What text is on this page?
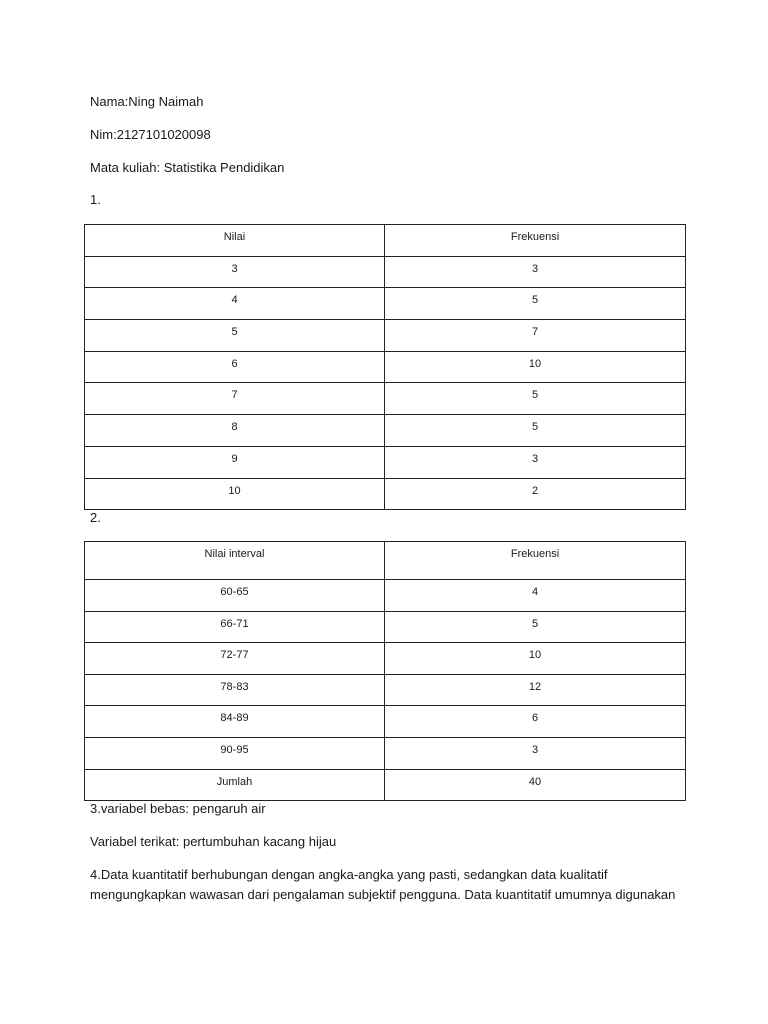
Nama:Ning Naimah
Nim:2127101020098
Mata kuliah: Statistika Pendidikan
1.
Nilai	Frekuensi
3	3
4	5
5	7
6	10
7	5
8	5
9	3
10	2
2.
Nilai interval	Frekuensi
60-65	4
66-71	5
72-77	10
78-83	12
84-89	6
90-95	3
Jumlah	40
3.variabel bebas: pengaruh air
Variabel terikat: pertumbuhan kacang hijau
4.Data kuantitatif berhubungan dengan angka-angka yang pasti, sedangkan data kualitatif mengungkapkan wawasan dari pengalaman subjektif pengguna. Data kuantitatif umumnya digunakan
